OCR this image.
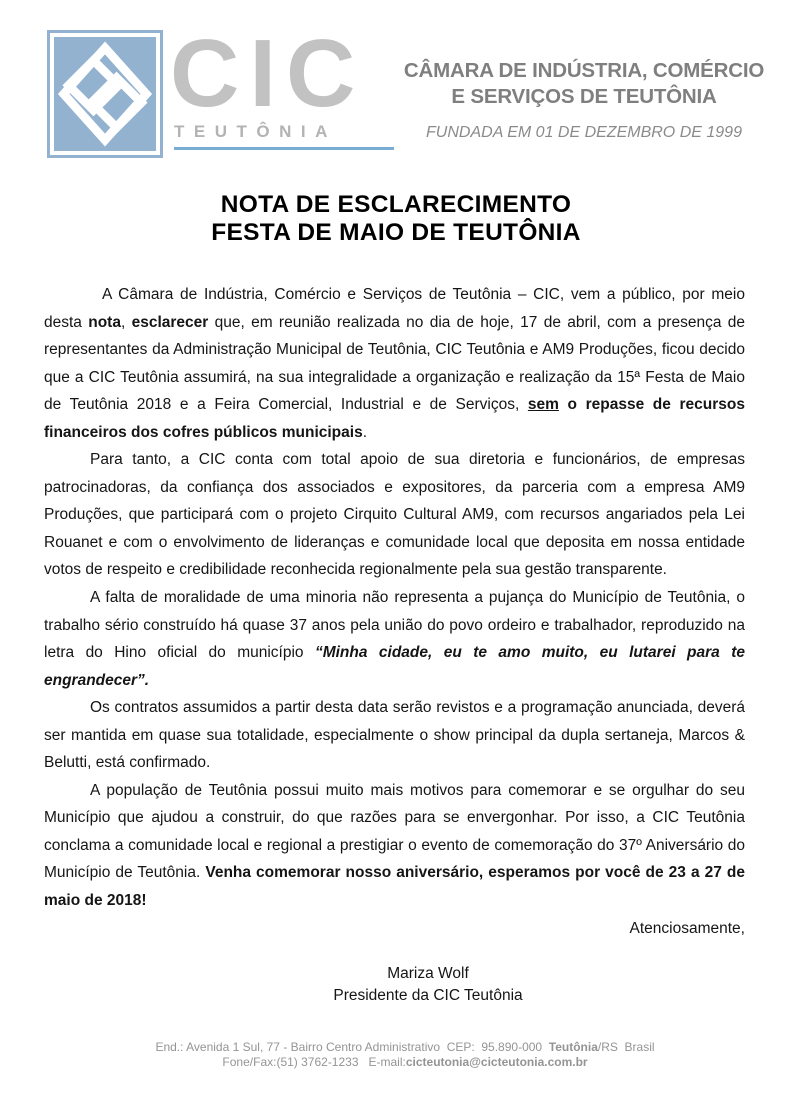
CIC
TEUTÔNIA
CÂMARA DE INDÚSTRIA, COMÉRCIO
E SERVIÇOS DE TEUTÔNIA
FUNDADA EM 01 DE DEZEMBRO DE 1999
NOTA DE ESCLARECIMENTO
FESTA DE MAIO DE TEUTÔNIA

A Câmara de Indústria, Comércio e Serviços de Teutônia – CIC, vem a público, por meio desta nota, esclarecer que, em reunião realizada no dia de hoje, 17 de abril, com a presença de representantes da Administração Municipal de Teutônia, CIC Teutônia e AM9 Produções, ficou decido que a CIC Teutônia assumirá, na sua integralidade a organização e realização da 15ª Festa de Maio de Teutônia 2018 e a Feira Comercial, Industrial e de Serviços, sem o repasse de recursos financeiros dos cofres públicos municipais.

Para tanto, a CIC conta com total apoio de sua diretoria e funcionários, de empresas patrocinadoras, da confiança dos associados e expositores, da parceria com a empresa AM9 Produções, que participará com o projeto Cirquito Cultural AM9, com recursos angariados pela Lei Rouanet e com o envolvimento de lideranças e comunidade local que deposita em nossa entidade votos de respeito e credibilidade reconhecida regionalmente pela sua gestão transparente.

A falta de moralidade de uma minoria não representa a pujança do Município de Teutônia, o trabalho sério construído há quase 37 anos pela união do povo ordeiro e trabalhador, reproduzido na letra do Hino oficial do município “Minha cidade, eu te amo muito, eu lutarei para te engrandecer”.

Os contratos assumidos a partir desta data serão revistos e a programação anunciada, deverá ser mantida em quase sua totalidade, especialmente o show principal da dupla sertaneja, Marcos & Belutti, está confirmado.

A população de Teutônia possui muito mais motivos para comemorar e se orgulhar do seu Município que ajudou a construir, do que razões para se envergonhar. Por isso, a CIC Teutônia conclama a comunidade local e regional a prestigiar o evento de comemoração do 37º Aniversário do Município de Teutônia. Venha comemorar nosso aniversário, esperamos por você de 23 a 27 de maio de 2018!

Atenciosamente,

Mariza Wolf
Presidente da CIC Teutônia
End.: Avenida 1 Sul, 77 - Bairro Centro Administrativo  CEP:  95.890-000  Teutônia/RS  Brasil
Fone/Fax:(51) 3762-1233   E-mail:cicteutonia@cicteutonia.com.br
